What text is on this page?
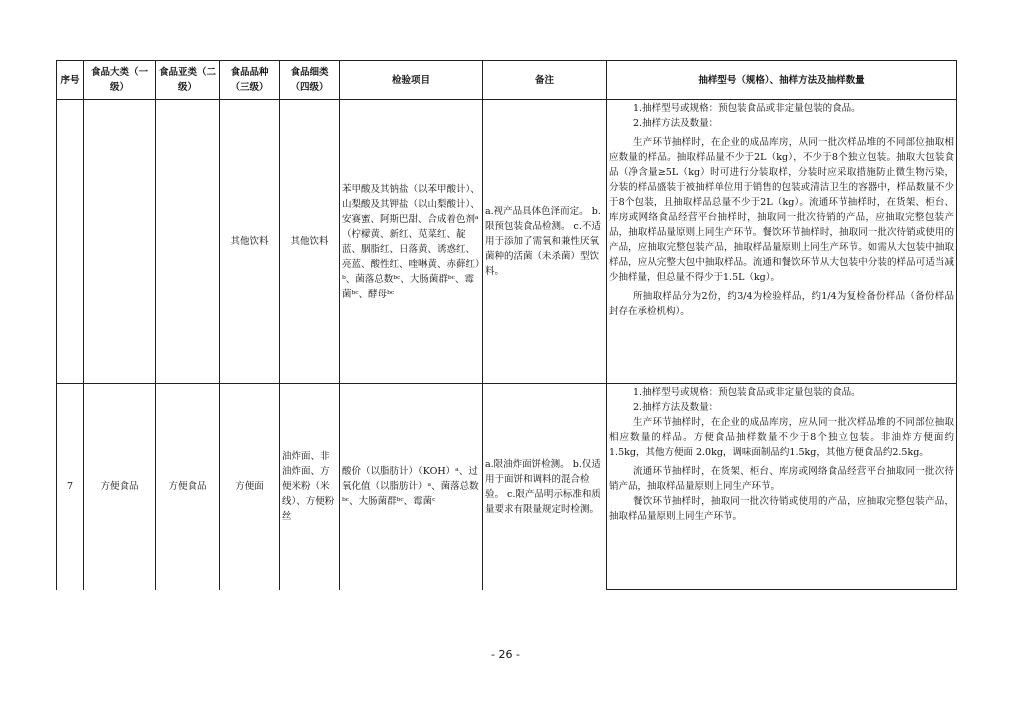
序号	食品大类（一级）	食品亚类（二级）	食品品种（三级）	食品细类（四级）	检验项目	备注	抽样型号（规格）、抽样方法及抽样数量
			其他饮料	其他饮料	苯甲酸及其钠盐（以苯甲酸计）、山梨酸及其钾盐（以山梨酸计）、安赛蜜、阿斯巴甜、合成着色剂ᵃ（柠檬黄、新红、苋菜红、靛蓝、胭脂红、日落黄、诱惑红、亮蓝、酸性红、喹啉黄、赤藓红）ᵇ、菌落总数ᵇᶜ、大肠菌群ᵇᶜ、霉菌ᵇᶜ、酵母ᵇᶜ	a.视产品具体色泽而定。 b.限预包装食品检测。 c.不适用于添加了需氧和兼性厌氧菌种的活菌（未杀菌）型饮料。	1.抽样型号或规格：预包装食品或非定量包装的食品。

2.抽样方法及数量：

生产环节抽样时，在企业的成品库房，从同一批次样品堆的不同部位抽取相应数量的样品。抽取样品量不少于2L（kg），不少于8个独立包装。抽取大包装食品（净含量≥5L（kg）时可进行分装取样，分装时应采取措施防止微生物污染，分装的样品盛装于被抽样单位用于销售的包装或清洁卫生的容器中，样品数量不少于8个包装，且抽取样品总量不少于2L（kg）。流通环节抽样时，在货架、柜台、库房或网络食品经营平台抽样时，抽取同一批次待销的产品，应抽取完整包装产品，抽取样品量原则上同生产环节。餐饮环节抽样时，抽取同一批次待销或使用的产品，应抽取完整包装产品，抽取样品量原则上同生产环节。如需从大包装中抽取样品，应从完整大包中抽取样品。流通和餐饮环节从大包装中分装的样品可适当减少抽样量，但总量不得少于1.5L（kg）。

所抽取样品分为2份，约3/4为检验样品，约1/4为复检备份样品（备份样品封存在承检机构）。

7	方便食品	方便食品	方便面	油炸面、非油炸面、方便米粉（米线）、方便粉丝	酸价（以脂肪计）（KOH）ᵃ、过氧化值（以脂肪计）ᵃ、菌落总数ᵇᶜ、大肠菌群ᵇᶜ、霉菌ᶜ	a.限油炸面饼检测。 b.仅适用于面饼和调料的混合检验。 c.限产品明示标准和质量要求有限量规定时检测。	1.抽样型号或规格：预包装食品或非定量包装的食品。

2.抽样方法及数量：

生产环节抽样时，在企业的成品库房，应从同一批次样品堆的不同部位抽取相应数量的样品。方便食品抽样数量不少于8个独立包装。非油炸方便面约1.5kg，其他方便面 2.0kg，调味面制品约1.5kg，其他方便食品约2.5kg。

流通环节抽样时，在货架、柜台、库房或网络食品经营平台抽取同一批次待销产品，抽取样品量原则上同生产环节。

餐饮环节抽样时，抽取同一批次待销或使用的产品，应抽取完整包装产品，抽取样品量原则上同生产环节。

- 26 -
